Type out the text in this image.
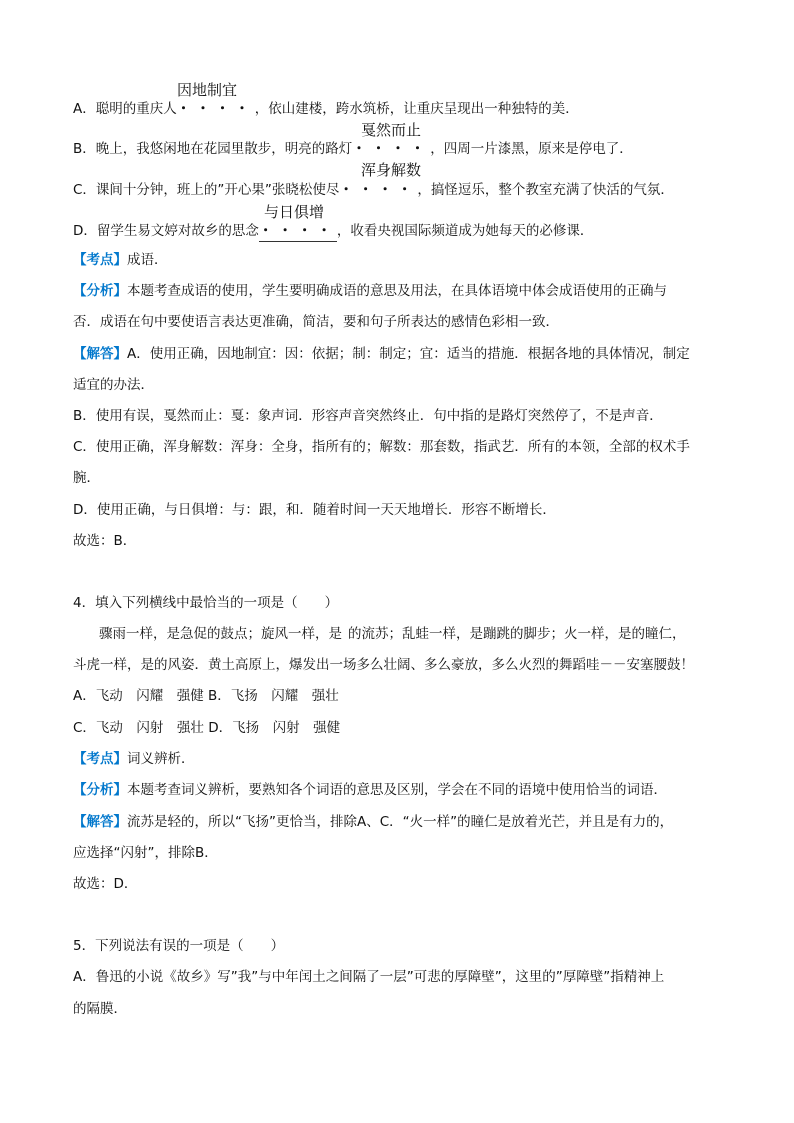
因地制宜
A．聪明的重庆人・・・・，依山建楼，跨水筑桥，让重庆呈现出一种独特的美．
戛然而止
B．晚上，我悠闲地在花园里散步，明亮的路灯・・・・，四周一片漆黑，原来是停电了．
浑身解数
C．课间十分钟，班上的”开心果”张晓松使尽・・・・，搞怪逗乐，整个教室充满了快活的气氛．
与日俱增
D．留学生易文婷对故乡的思念・・・・，收看央视国际频道成为她每天的必修课．
【考点】成语．
【分析】本题考查成语的使用，学生要明确成语的意思及用法，在具体语境中体会成语使用的正确与
否．成语在句中要使语言表达更准确，简洁，要和句子所表达的感情色彩相一致．
【解答】A．使用正确，因地制宜：因：依据；制：制定；宜：适当的措施．根据各地的具体情况，制定
适宜的办法．
B．使用有误，戛然而止：戛：象声词．形容声音突然终止．句中指的是路灯突然停了，不是声音．
C．使用正确，浑身解数：浑身：全身，指所有的；解数：那套数，指武艺．所有的本领，全部的权术手
腕．
D．使用正确，与日俱增：与：跟，和．随着时间一天天地增长．形容不断增长．
故选：B．
4．填入下列横线中最恰当的一项是（　　）
骤雨一样，是急促的鼓点；旋风一样，是 的流苏；乱蛙一样，是蹦跳的脚步；火一样，是的瞳仁，
斗虎一样，是的风姿．黄土高原上，爆发出一场多么壮阔、多么豪放，多么火烈的舞蹈哇－－安塞腰鼓！
A．飞动　闪耀　强健 B．飞扬　闪耀　强壮
C．飞动　闪射　强壮 D．飞扬　闪射　强健
【考点】词义辨析．
【分析】本题考查词义辨析，要熟知各个词语的意思及区别，学会在不同的语境中使用恰当的词语．
【解答】流苏是轻的，所以“飞扬”更恰当，排除A、C．“火一样”的瞳仁是放着光芒，并且是有力的，
应选择“闪射”，排除B．
故选：D．
5．下列说法有误的一项是（　　）
A．鲁迅的小说《故乡》写”我”与中年闰土之间隔了一层”可悲的厚障壁”，这里的”厚障壁”指精神上
的隔膜．
